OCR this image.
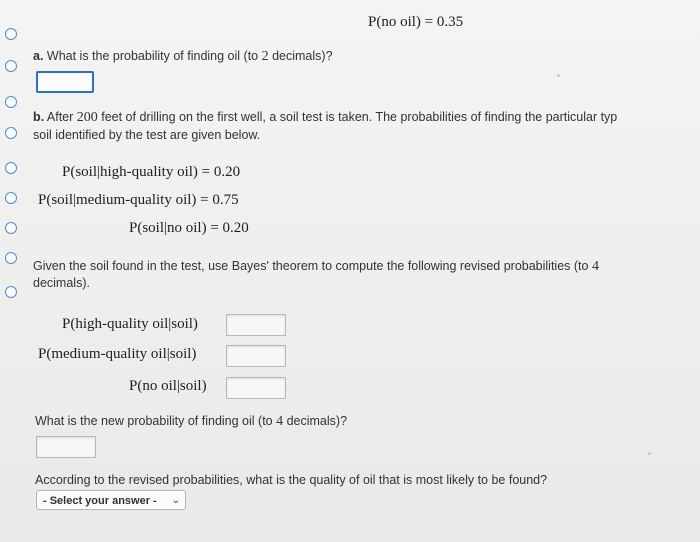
P(no oil) = 0.35
a. What is the probability of finding oil (to 2 decimals)?
b. After 200 feet of drilling on the first well, a soil test is taken. The probabilities of finding the particular typ
soil identified by the test are given below.
P(soil|high-quality oil) = 0.20
P(soil|medium-quality oil) = 0.75
P(soil|no oil) = 0.20
Given the soil found in the test, use Bayes' theorem to compute the following revised probabilities (to 4
decimals).
P(high-quality oil|soil)
P(medium-quality oil|soil)
P(no oil|soil)
What is the new probability of finding oil (to 4 decimals)?
According to the revised probabilities, what is the quality of oil that is most likely to be found?
- Select your answer - ⌄
